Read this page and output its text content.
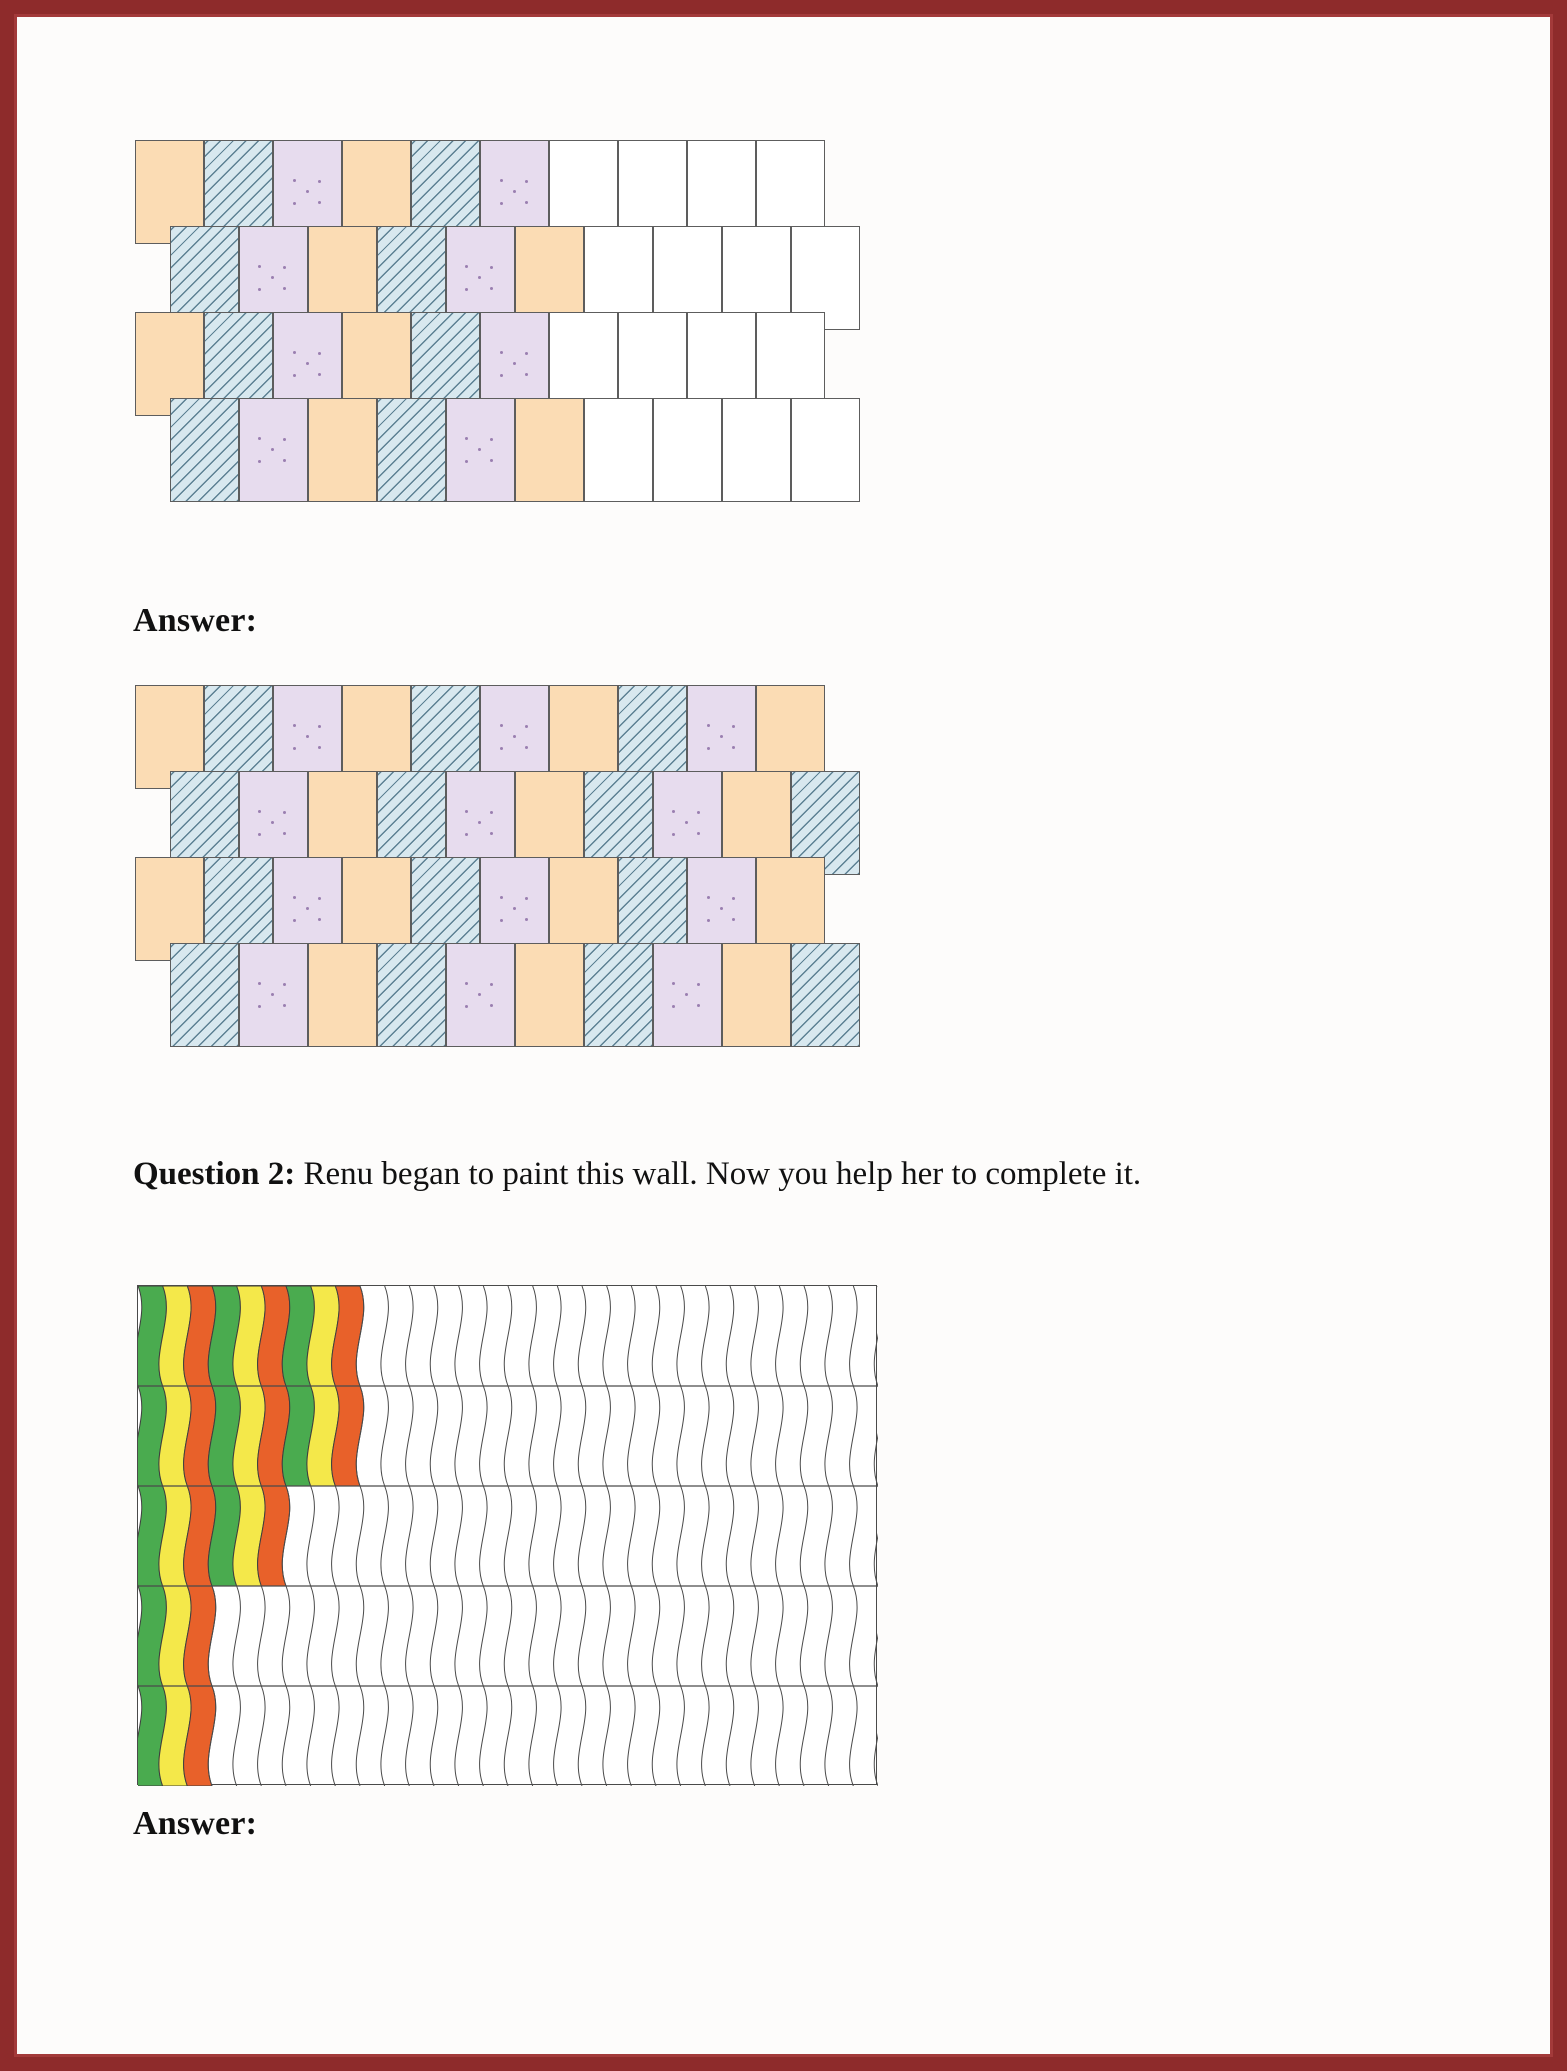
Answer:
Question 2: Renu began to paint this wall. Now you help her to complete it.
Answer:
